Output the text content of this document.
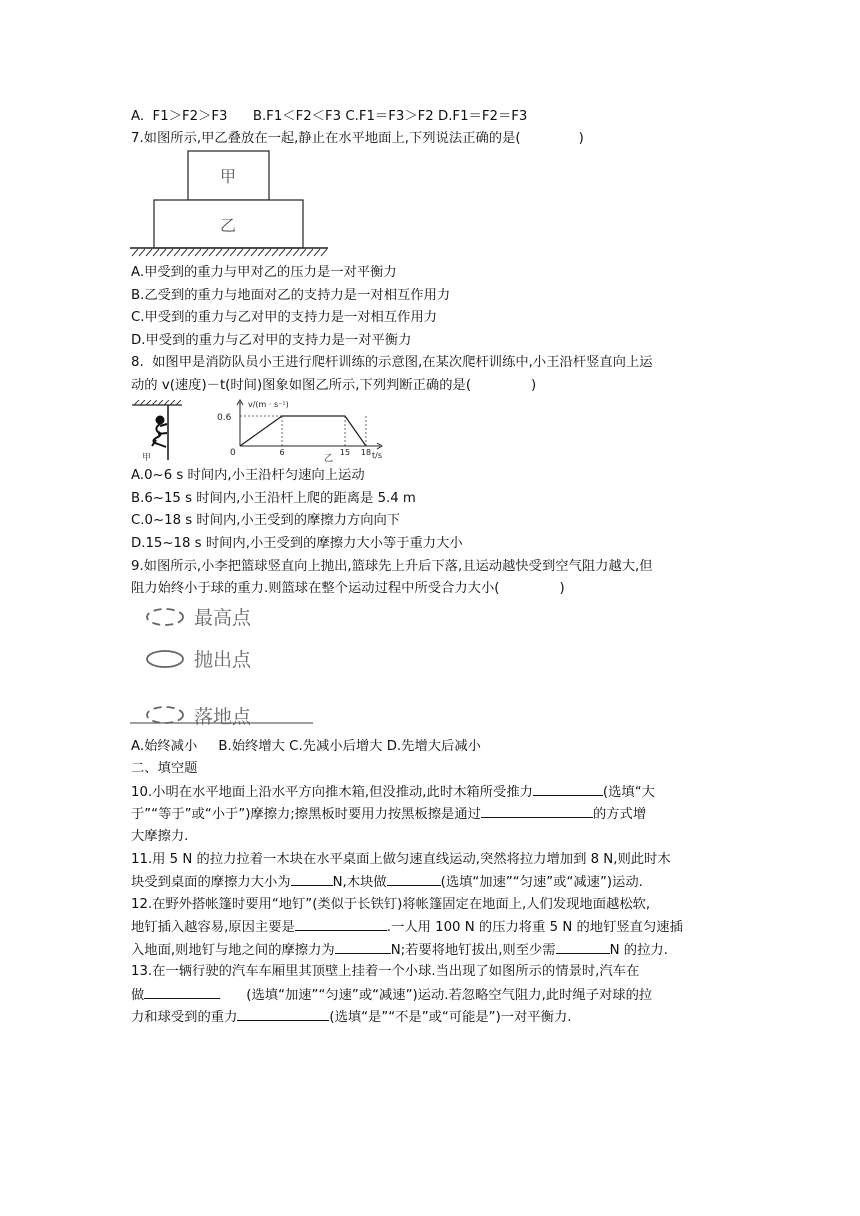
A.  F1＞F2＞F3      B.F1＜F2＜F3 C.F1＝F3＞F2 D.F1＝F2＝F3
7.如图所示,甲乙叠放在一起,静止在水平地面上,下列说法正确的是(	)
甲
乙
A.甲受到的重力与甲对乙的压力是一对平衡力
B.乙受到的重力与地面对乙的支持力是一对相互作用力
C.甲受到的重力与乙对甲的支持力是一对相互作用力
D.甲受到的重力与乙对甲的支持力是一对平衡力
8.  如图甲是消防队员小王进行爬杆训练的示意图,在某次爬杆训练中,小王沿杆竖直向上运
动的 v(速度)－t(时间)图象如图乙所示,下列判断正确的是(	)
甲
v/(m · s⁻¹)
t/s
0.6
0	6	15 18
乙
A.0~6 s 时间内,小王沿杆匀速向上运动
B.6~15 s 时间内,小王沿杆上爬的距离是 5.4 m
C.0~18 s 时间内,小王受到的摩擦力方向向下
D.15~18 s 时间内,小王受到的摩擦力大小等于重力大小
9.如图所示,小李把篮球竖直向上抛出,篮球先上升后下落,且运动越快受到空气阻力越大,但
阻力始终小于球的重力.则篮球在整个运动过程中所受合力大小(	)
最高点
抛出点
落地点
A.始终减小     B.始终增大 C.先减小后增大 D.先增大后减小
二、填空题
10.小明在水平地面上沿水平方向推木箱,但没推动,此时木箱所受推力	(选填“大
于”“等于”或“小于”)摩擦力;擦黑板时要用力按黑板擦是通过	的方式增
大摩擦力.
11.用 5 N 的拉力拉着一木块在水平桌面上做匀速直线运动,突然将拉力增加到 8 N,则此时木
块受到桌面的摩擦力大小为	N,木块做	(选填“加速”“匀速”或“减速”)运动.
12.在野外搭帐篷时要用“地钉”(类似于长铁钉)将帐篷固定在地面上,人们发现地面越松软,
地钉插入越容易,原因主要是	.一人用 100 N 的压力将重 5 N 的地钉竖直匀速插
入地面,则地钉与地之间的摩擦力为	N;若要将地钉拔出,则至少需	N 的拉力.
13.在一辆行驶的汽车车厢里其顶壁上挂着一个小球.当出现了如图所示的情景时,汽车在
做	(选填“加速”“匀速”或“减速”)运动.若忽略空气阻力,此时绳子对球的拉
力和球受到的重力	(选填“是”“不是”或“可能是”)一对平衡力.
